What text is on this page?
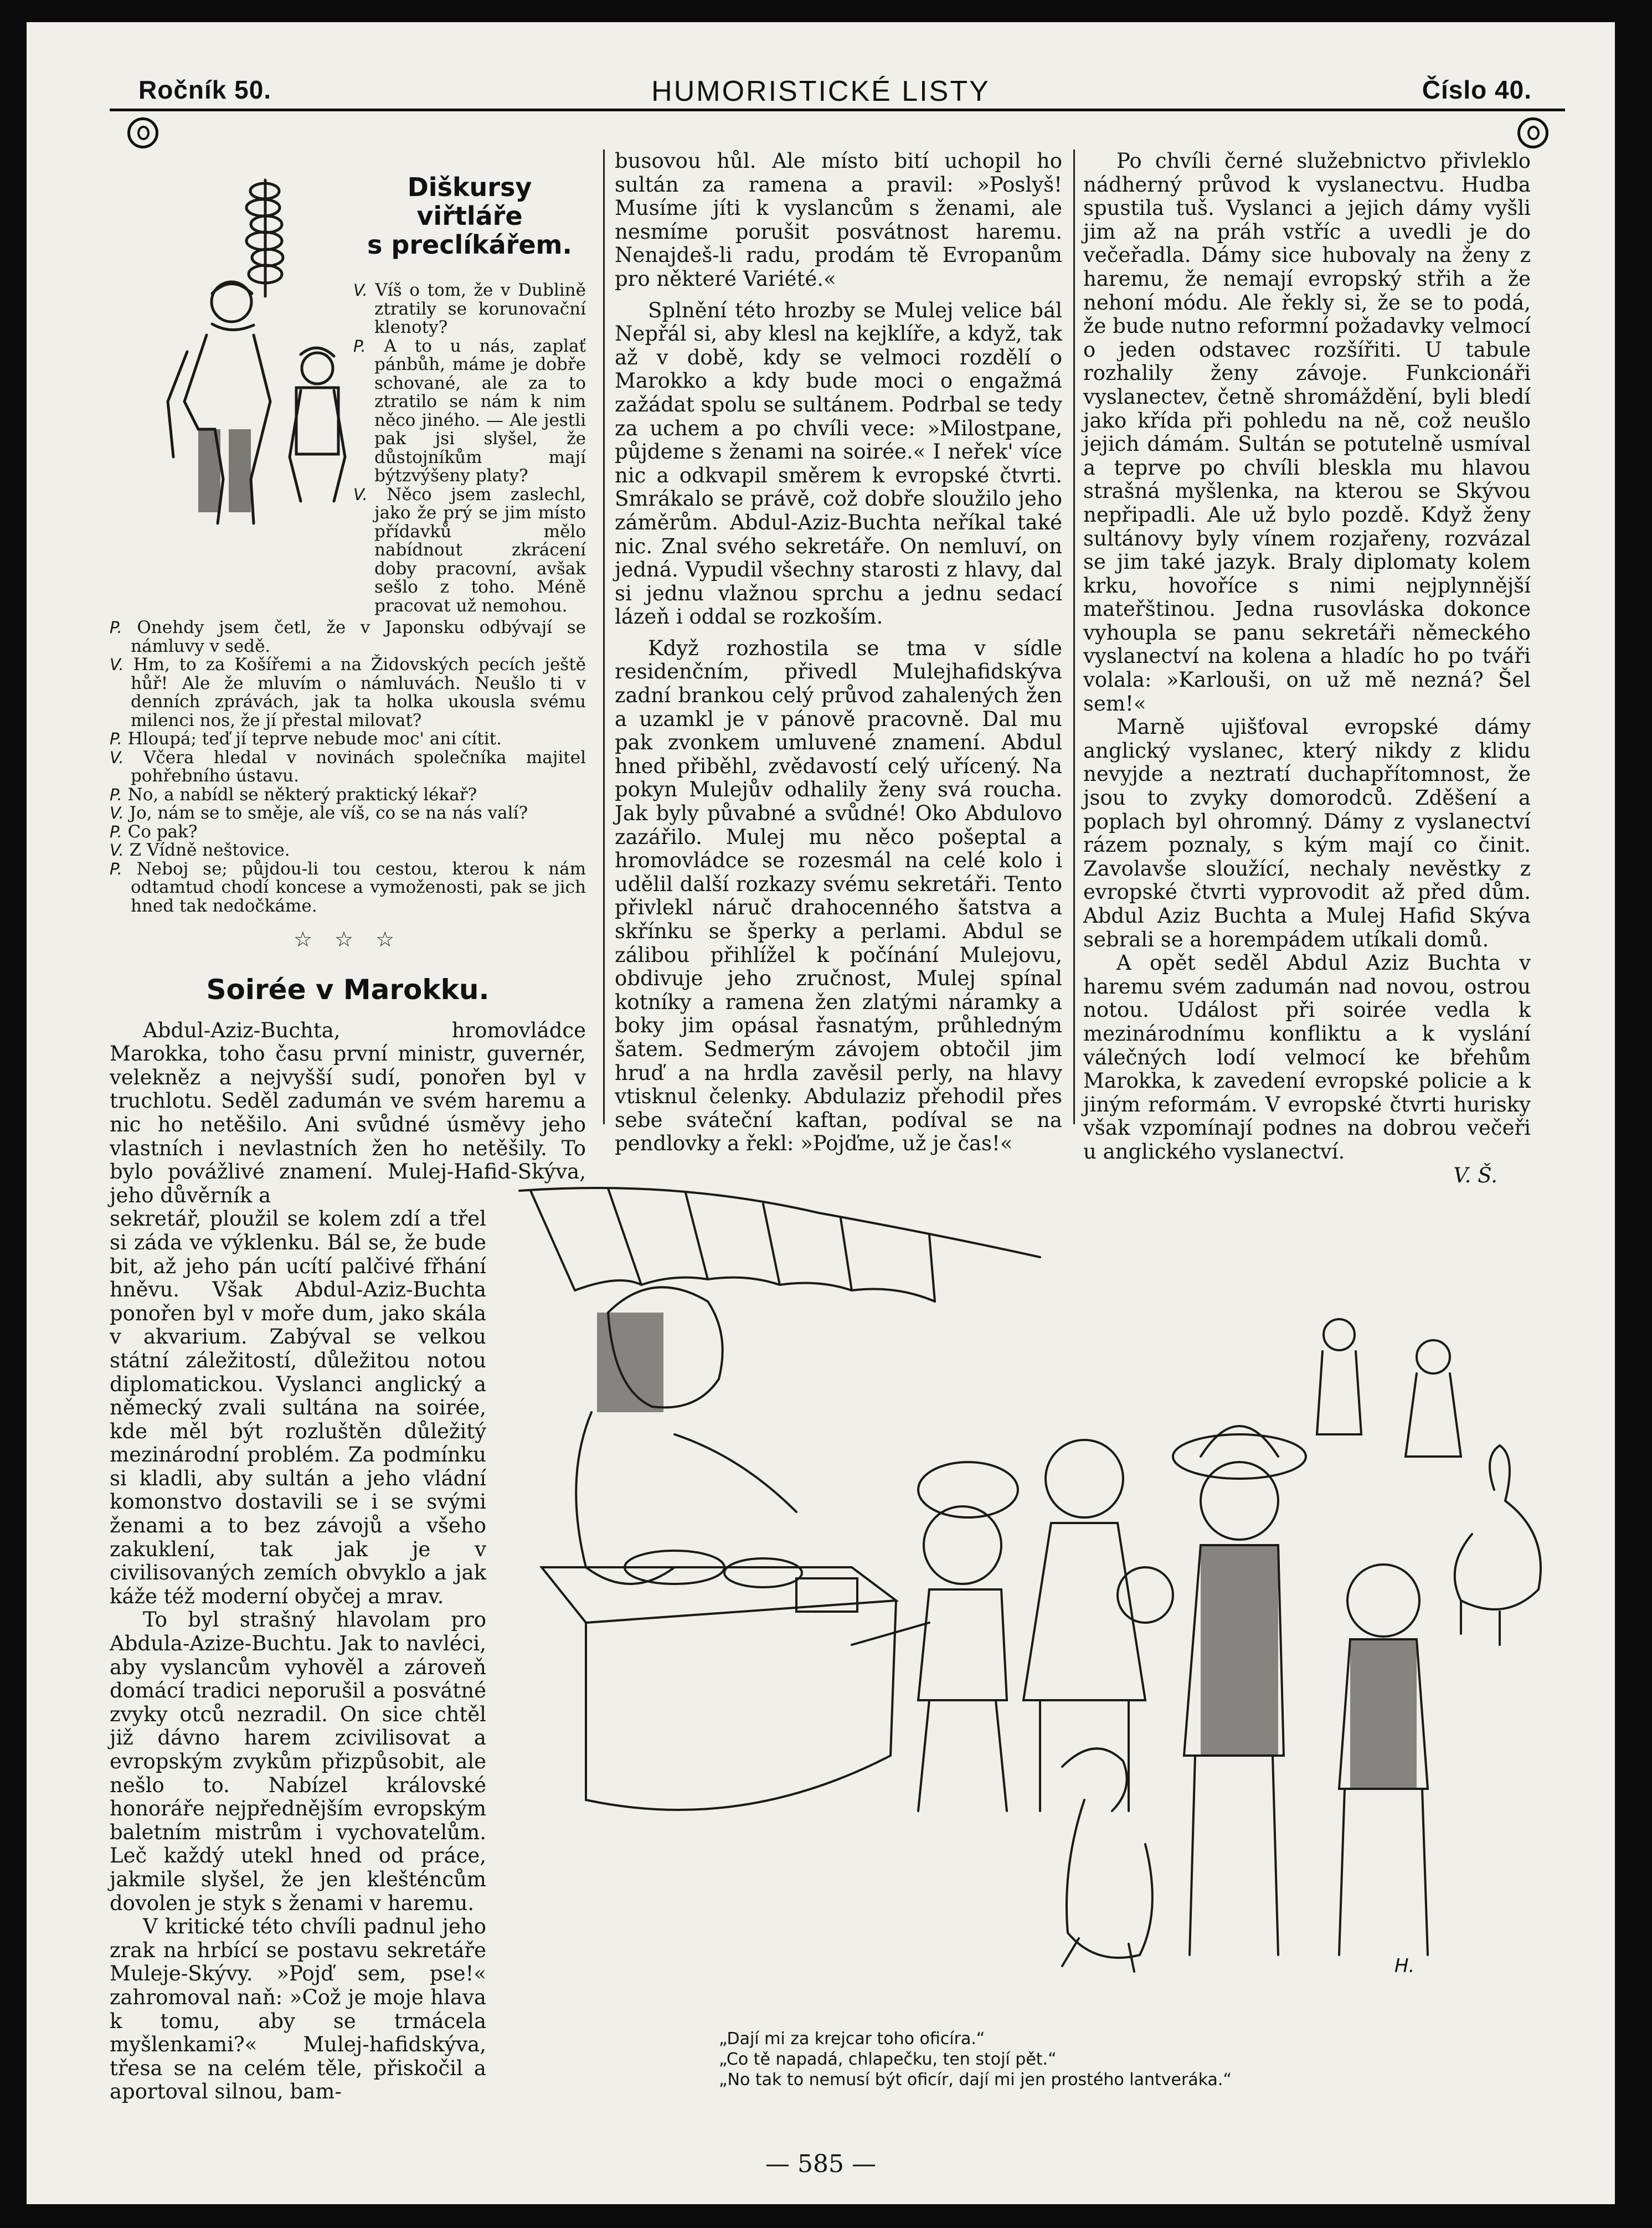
Ročník 50.	HUMORISTICKÉ LISTY	Číslo 40.

Diškursy viřtláře

s preclíkářem.

V. Víš o tom, že v Dublině ztratily se korunovační klenoty?

P. A to u nás, zaplať pánbůh, máme je dobře schované, ale za to ztratilo se nám k nim něco jiného. — Ale jestli pak jsi slyšel, že důstojníkům mají býtzvýšeny platy?

V. Něco jsem zaslechl, jako že prý se jim místo přídavků mělo nabídnout zkrácení doby pracovní, avšak sešlo z toho. Méně pracovat už nemohou.

P. Onehdy jsem četl, že v Japonsku odbývají se námluvy v sedě.

V. Hm, to za Košířemi a na Židovských pecích ještě hůř! Ale že mluvím o námluvách. Neušlo ti v denních zprávách, jak ta holka ukousla svému milenci nos, že jí přestal milovat?

P. Hloupá; teď jí teprve nebude moc' ani cítit.

V. Včera hledal v novinách společníka majitel pohřebního ústavu.

P. No, a nabídl se některý praktický lékař?

V. Jo, nám se to směje, ale víš, co se na nás valí?

P. Co pak?

V. Z Vídně neštovice.

P. Neboj se; půjdou-li tou cestou, kterou k nám odtamtud chodí koncese a vymoženosti, pak se jich hned tak nedočkáme.

☆ ☆ ☆

Soirée v Marokku.

Abdul-Aziz-Buchta, hromovládce Marokka, toho času první ministr, guvernér, velekněz a nejvyšší sudí, ponořen byl v truchlotu. Seděl zadumán ve svém haremu a nic ho netěšilo. Ani svůdné úsměvy jeho vlastních i nevlastních žen ho netěšily. To bylo povážlivé znamení. Mulej-Hafid-Skýva, jeho důvěrník a

sekretář, ploužil se kolem zdí a třel si záda ve výklenku. Bál se, že bude bit, až jeho pán ucítí palčivé fřhání hněvu. Však Abdul-Aziz-Buchta ponořen byl v moře dum, jako skála v akvarium. Zabýval se velkou státní záležitostí, důležitou notou diplomatickou. Vyslanci anglický a německý zvali sultána na soirée, kde měl být rozluštěn důležitý mezinárodní problém. Za podmínku si kladli, aby sultán a jeho vládní komonstvo dostavili se i se svými ženami a to bez závojů a všeho zakuklení, tak jak je v civilisovaných zemích obvyklo a jak káže též moderní obyčej a mrav.

To byl strašný hlavolam pro Abdula-Azize-Buchtu. Jak to navléci, aby vyslancům vyhověl a zároveň domácí tradici neporušil a posvátné zvyky otců nezradil. On sice chtěl již dávno harem zcivilisovat a evropským zvykům přizpůsobit, ale nešlo to. Nabízel královské honoráře nejpřednějším evropským baletním mistrům i vychovatelům. Leč každý utekl hned od práce, jakmile slyšel, že jen klešténcům dovolen je styk s ženami v haremu.

V kritické této chvíli padnul jeho zrak na hrbící se postavu sekretáře Muleje-Skývy. »Pojď sem, pse!« zahromoval naň: »Což je moje hlava k tomu, aby se trmácela myšlenkami?« Mulej-hafidskýva, třesa se na celém těle, přiskočil a aportoval silnou, bam-

busovou hůl. Ale místo bití uchopil ho sultán za ramena a pravil: »Poslyš! Musíme jíti k vyslancům s ženami, ale nesmíme porušit posvátnost haremu. Nenajdeš-li radu, prodám tě Evropanům pro některé Variété.«

Splnění této hrozby se Mulej velice bál Nepřál si, aby klesl na kejklíře, a když, tak až v době, kdy se velmoci rozdělí o Marokko a kdy bude moci o engažmá zažádat spolu se sultánem. Podrbal se tedy za uchem a po chvíli vece: »Milostpane, půjdeme s ženami na soirée.« I neřek' více nic a odkvapil směrem k evropské čtvrti. Smrákalo se právě, což dobře sloužilo jeho záměrům. Abdul-Aziz-Buchta neříkal také nic. Znal svého sekretáře. On nemluví, on jedná. Vypudil všechny starosti z hlavy, dal si jednu vlažnou sprchu a jednu sedací lázeň i oddal se rozkoším.

Když rozhostila se tma v sídle residenčním, přivedl Mulejhafidskýva zadní brankou celý průvod zahalených žen a uzamkl je v pánově pracovně. Dal mu pak zvonkem umluvené znamení. Abdul hned přiběhl, zvědavostí celý uřícený. Na pokyn Mulejův odhalily ženy svá roucha. Jak byly půvabné a svůdné! Oko Abdulovo zazářilo. Mulej mu něco pošeptal a hromovládce se rozesmál na celé kolo i udělil další rozkazy svému sekretáři. Tento přivlekl náruč drahocenného šatstva a skřínku se šperky a perlami. Abdul se zálibou přihlížel k počínání Mulejovu, obdivuje jeho zručnost, Mulej spínal kotníky a ramena žen zlatými náramky a boky jim opásal řasnatým, průhledným šatem. Sedmerým závojem obtočil jim hruď a na hrdla zavěsil perly, na hlavy vtisknul čelenky. Abdulaziz přehodil přes sebe sváteční kaftan, podíval se na pendlovky a řekl: »Pojďme, už je čas!«

Po chvíli černé služebnictvo přivleklo nádherný průvod k vyslanectvu. Hudba spustila tuš. Vyslanci a jejich dámy vyšli jim až na práh vstříc a uvedli je do večeřadla. Dámy sice hubovaly na ženy z haremu, že nemají evropský střih a že nehoní módu. Ale řekly si, že se to podá, že bude nutno reformní požadavky velmocí o jeden odstavec rozšířiti. U tabule rozhalily ženy závoje. Funkcionáři vyslanectev, četně shromáždění, byli bledí jako křída při pohledu na ně, což neušlo jejich dámám. Sultán se potutelně usmíval a teprve po chvíli bleskla mu hlavou strašná myšlenka, na kterou se Skývou nepřipadli. Ale už bylo pozdě. Když ženy sultánovy byly vínem rozjařeny, rozvázal se jim také jazyk. Braly diplomaty kolem krku, hovoříce s nimi nejplynnější mateřštinou. Jedna rusovláska dokonce vyhoupla se panu sekretáři německého vyslanectví na kolena a hladíc ho po tváři volala: »Karlouši, on už mě nezná? Šel sem!«

Marně ujišťoval evropské dámy anglický vyslanec, který nikdy z klidu nevyjde a neztratí duchapřítomnost, že jsou to zvyky domorodců. Zděšení a poplach byl ohromný. Dámy z vyslanectví rázem poznaly, s kým mají co činit. Zavolavše sloužící, nechaly nevěstky z evropské čtvrti vyprovodit až před dům. Abdul Aziz Buchta a Mulej Hafid Skýva sebrali se a horempádem utíkali domů.

A opět seděl Abdul Aziz Buchta v haremu svém zadumán nad novou, ostrou notou. Událost při soirée vedla k mezinárodnímu konfliktu a k vyslání válečných lodí velmocí ke břehům Marokka, k zavedení evropské policie a k jiným reformám. V evropské čtvrti hurisky však vzpomínají podnes na dobrou večeři u anglického vyslanectví.

V. Š.

H.

„Dají mi za krejcar toho oficíra.“

„Co tě napadá, chlapečku, ten stojí pět.“

„No tak to nemusí být oficír, dají mi jen prostého lantveráka.“

— 585 —
